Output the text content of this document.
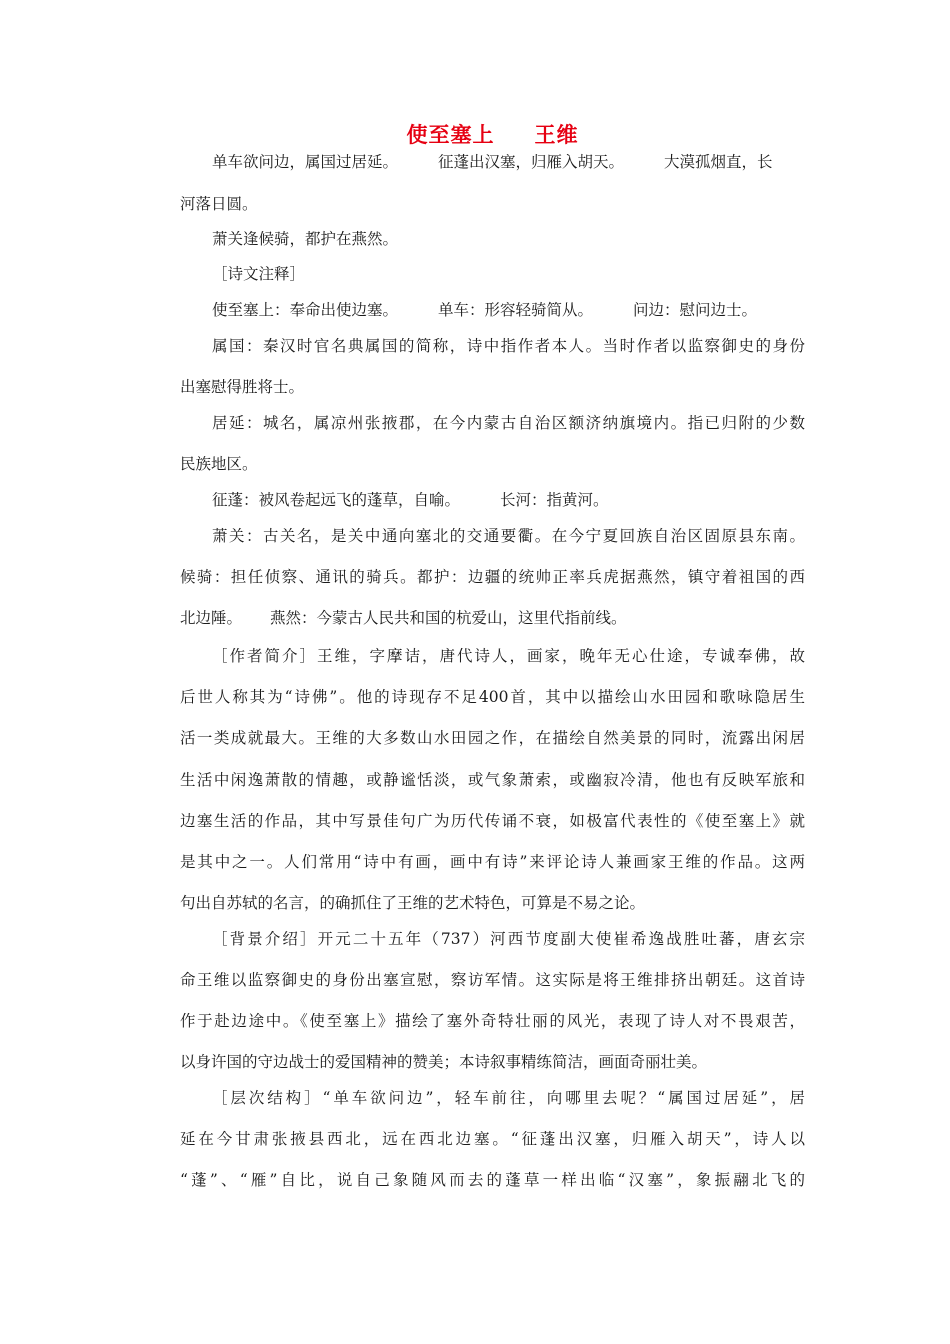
使至塞上 王维

单车欲问边，属国过居延。	征蓬出汉塞，归雁入胡天。	大漠孤烟直，长

河落日圆。

萧关逢候骑，都护在燕然。

［诗文注释］

使至塞上：奉命出使边塞。	单车：形容轻骑简从。	问边：慰问边士。

属国：秦汉时官名典属国的简称，诗中指作者本人。当时作者以监察御史的身份

出塞慰得胜将士。

居延：城名，属凉州张掖郡，在今内蒙古自治区额济纳旗境内。指已归附的少数

民族地区。

征蓬：被风卷起远飞的蓬草，自喻。	长河：指黄河。

萧关：古关名，是关中通向塞北的交通要衢。在今宁夏回族自治区固原县东南。

候骑：担任侦察、通讯的骑兵。都护：边疆的统帅正率兵虎据燕然，镇守着祖国的西

北边陲。 燕然：今蒙古人民共和国的杭爱山，这里代指前线。

［作者简介］王维，字摩诘，唐代诗人，画家，晚年无心仕途，专诚奉佛，故

后世人称其为“诗佛”。他的诗现存不足400首，其中以描绘山水田园和歌咏隐居生

活一类成就最大。王维的大多数山水田园之作，在描绘自然美景的同时，流露出闲居

生活中闲逸萧散的情趣，或静谧恬淡，或气象萧索，或幽寂冷清，他也有反映军旅和

边塞生活的作品，其中写景佳句广为历代传诵不衰，如极富代表性的《使至塞上》就

是其中之一。人们常用“诗中有画，画中有诗”来评论诗人兼画家王维的作品。这两

句出自苏轼的名言，的确抓住了王维的艺术特色，可算是不易之论。

［背景介绍］开元二十五年（737）河西节度副大使崔希逸战胜吐蕃，唐玄宗

命王维以监察御史的身份出塞宣慰，察访军情。这实际是将王维排挤出朝廷。这首诗

作于赴边途中。《使至塞上》描绘了塞外奇特壮丽的风光，表现了诗人对不畏艰苦，

以身许国的守边战士的爱国精神的赞美；本诗叙事精练简洁，画面奇丽壮美。

［层次结构］“单车欲问边”，轻车前往，向哪里去呢？“属国过居延”，居

延在今甘肃张掖县西北，远在西北边塞。“征蓬出汉塞，归雁入胡天”，诗人以

“蓬”、“雁”自比，说自己象随风而去的蓬草一样出临“汉塞”，象振翮北飞的
